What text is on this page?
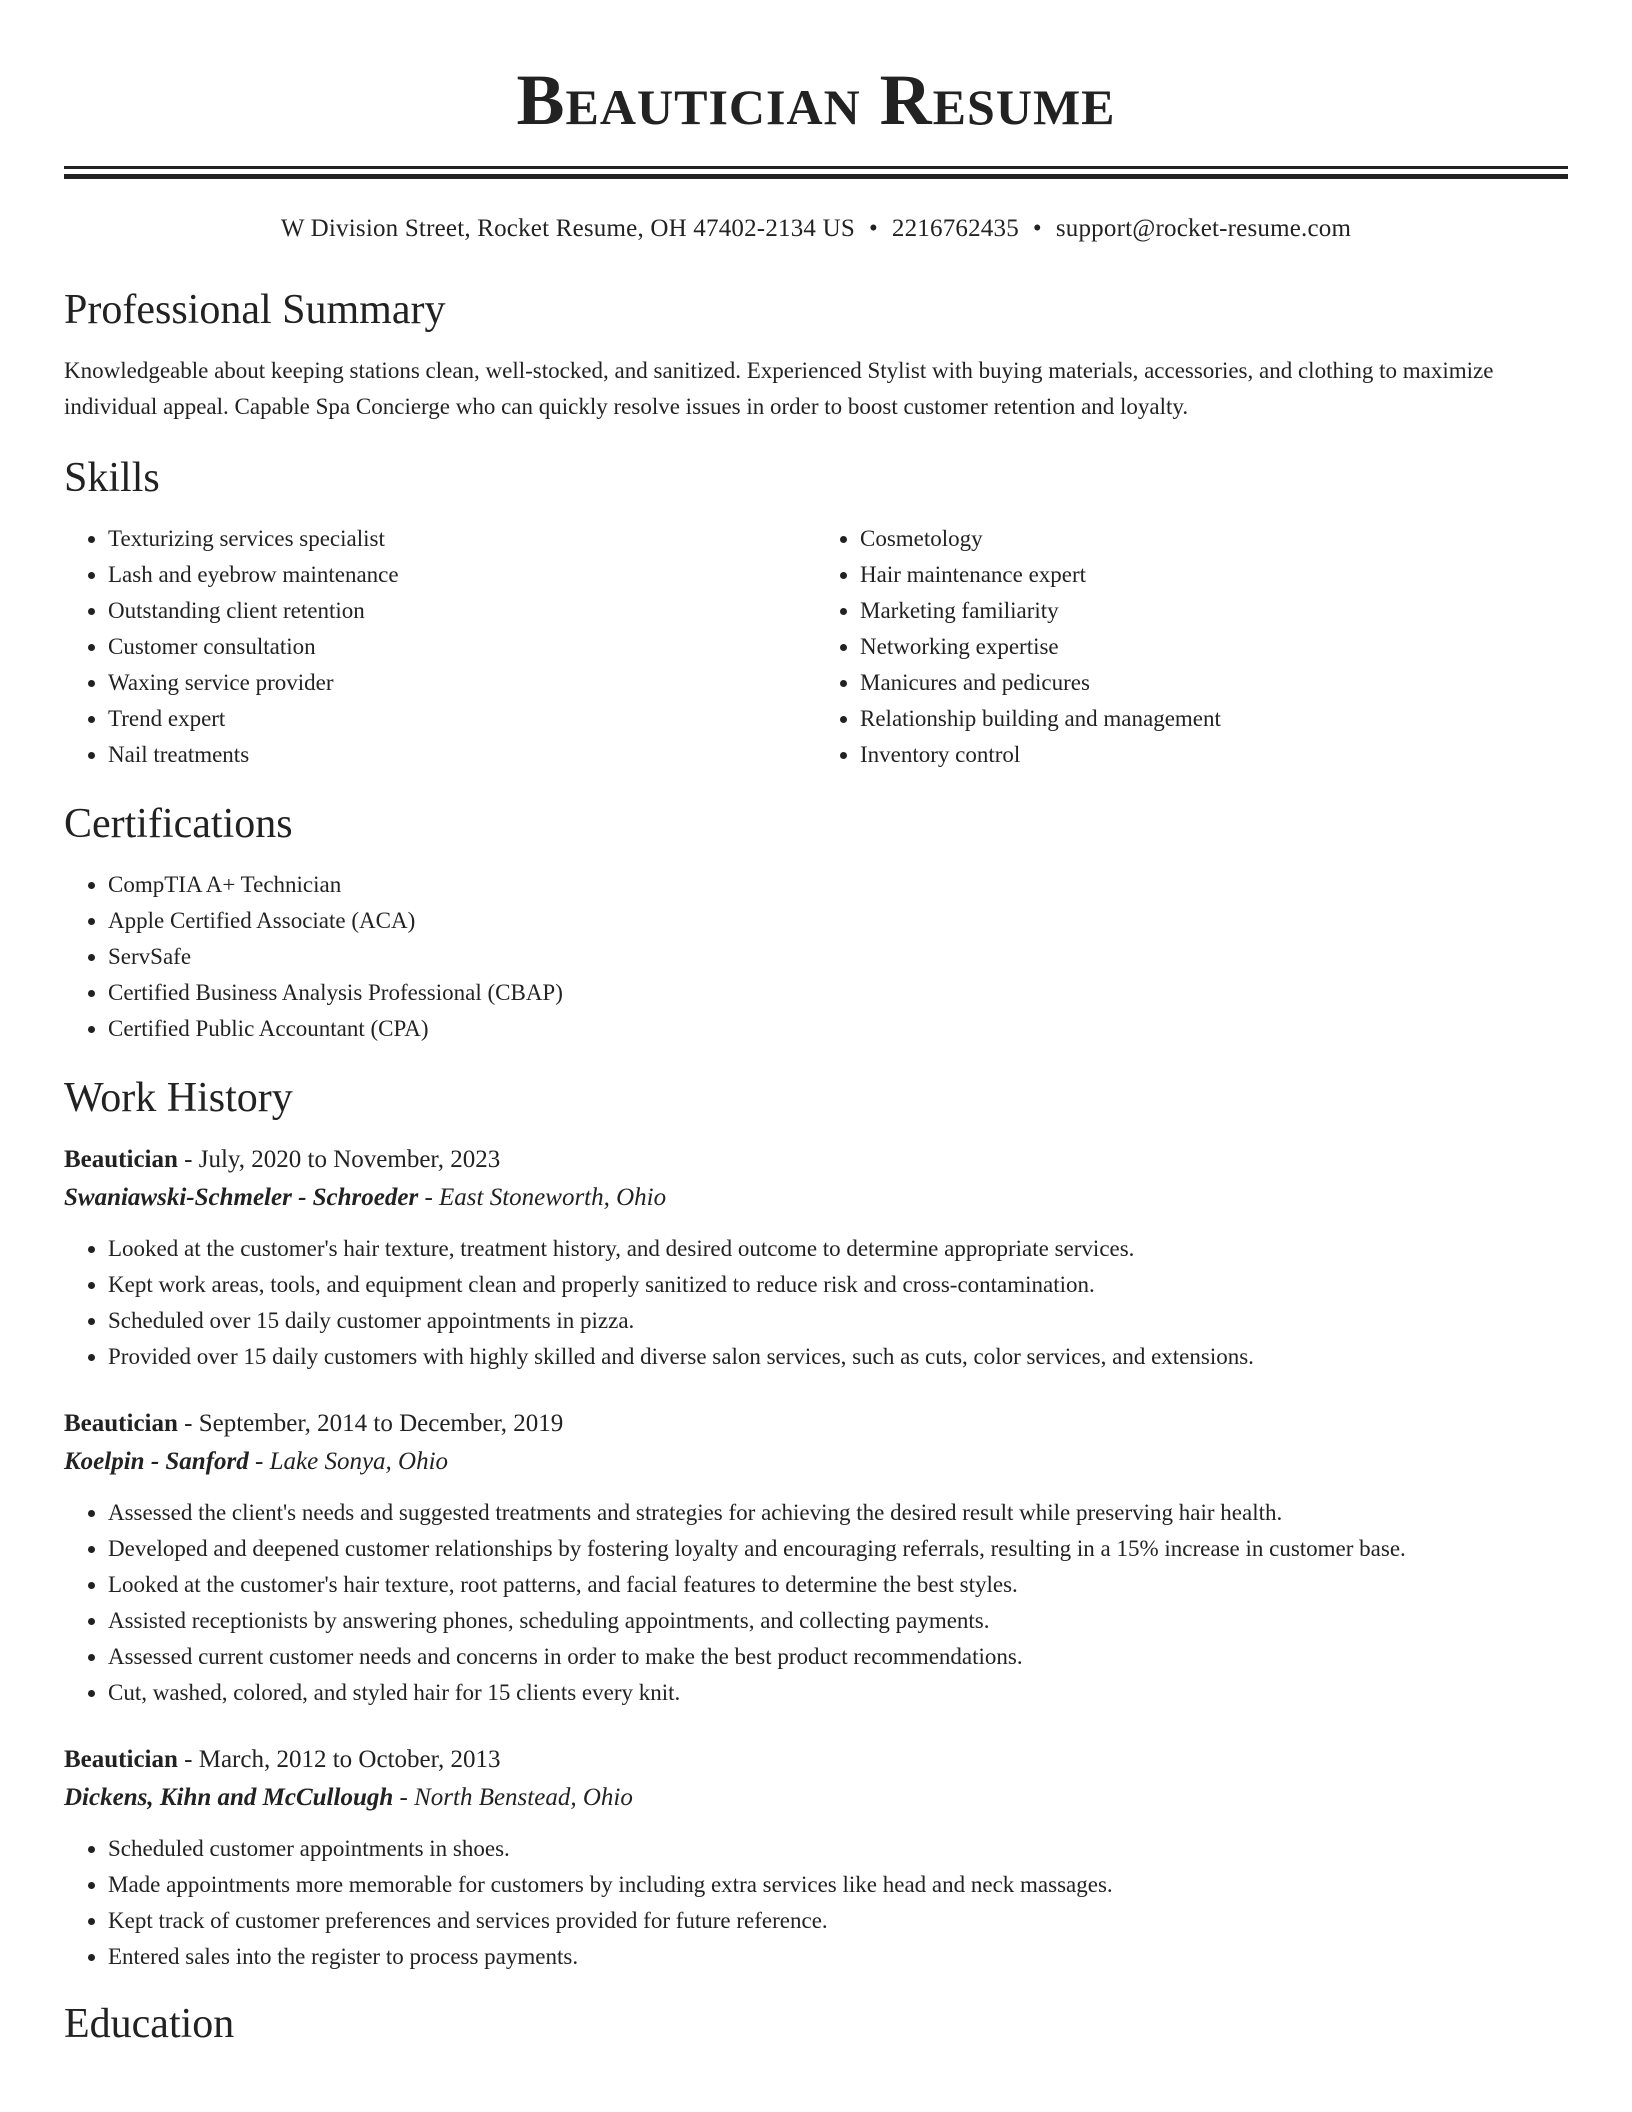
Beautician Resume
W Division Street, Rocket Resume, OH 47402-2134 US • 2216762435 • support@rocket-resume.com
Professional Summary
Knowledgeable about keeping stations clean, well-stocked, and sanitized. Experienced Stylist with buying materials, accessories, and clothing to maximize individual appeal. Capable Spa Concierge who can quickly resolve issues in order to boost customer retention and loyalty.
Skills
• Texturizing services specialist
• Lash and eyebrow maintenance
• Outstanding client retention
• Customer consultation
• Waxing service provider
• Trend expert
• Nail treatments
• Cosmetology
• Hair maintenance expert
• Marketing familiarity
• Networking expertise
• Manicures and pedicures
• Relationship building and management
• Inventory control
Certifications
• CompTIA A+ Technician
• Apple Certified Associate (ACA)
• ServSafe
• Certified Business Analysis Professional (CBAP)
• Certified Public Accountant (CPA)
Work History
Beautician - July, 2020 to November, 2023
Swaniawski-Schmeler - Schroeder - East Stoneworth, Ohio
• Looked at the customer's hair texture, treatment history, and desired outcome to determine appropriate services.
• Kept work areas, tools, and equipment clean and properly sanitized to reduce risk and cross-contamination.
• Scheduled over 15 daily customer appointments in pizza.
• Provided over 15 daily customers with highly skilled and diverse salon services, such as cuts, color services, and extensions.
Beautician - September, 2014 to December, 2019
Koelpin - Sanford - Lake Sonya, Ohio
• Assessed the client's needs and suggested treatments and strategies for achieving the desired result while preserving hair health.
• Developed and deepened customer relationships by fostering loyalty and encouraging referrals, resulting in a 15% increase in customer base.
• Looked at the customer's hair texture, root patterns, and facial features to determine the best styles.
• Assisted receptionists by answering phones, scheduling appointments, and collecting payments.
• Assessed current customer needs and concerns in order to make the best product recommendations.
• Cut, washed, colored, and styled hair for 15 clients every knit.
Beautician - March, 2012 to October, 2013
Dickens, Kihn and McCullough - North Benstead, Ohio
• Scheduled customer appointments in shoes.
• Made appointments more memorable for customers by including extra services like head and neck massages.
• Kept track of customer preferences and services provided for future reference.
• Entered sales into the register to process payments.
Education
